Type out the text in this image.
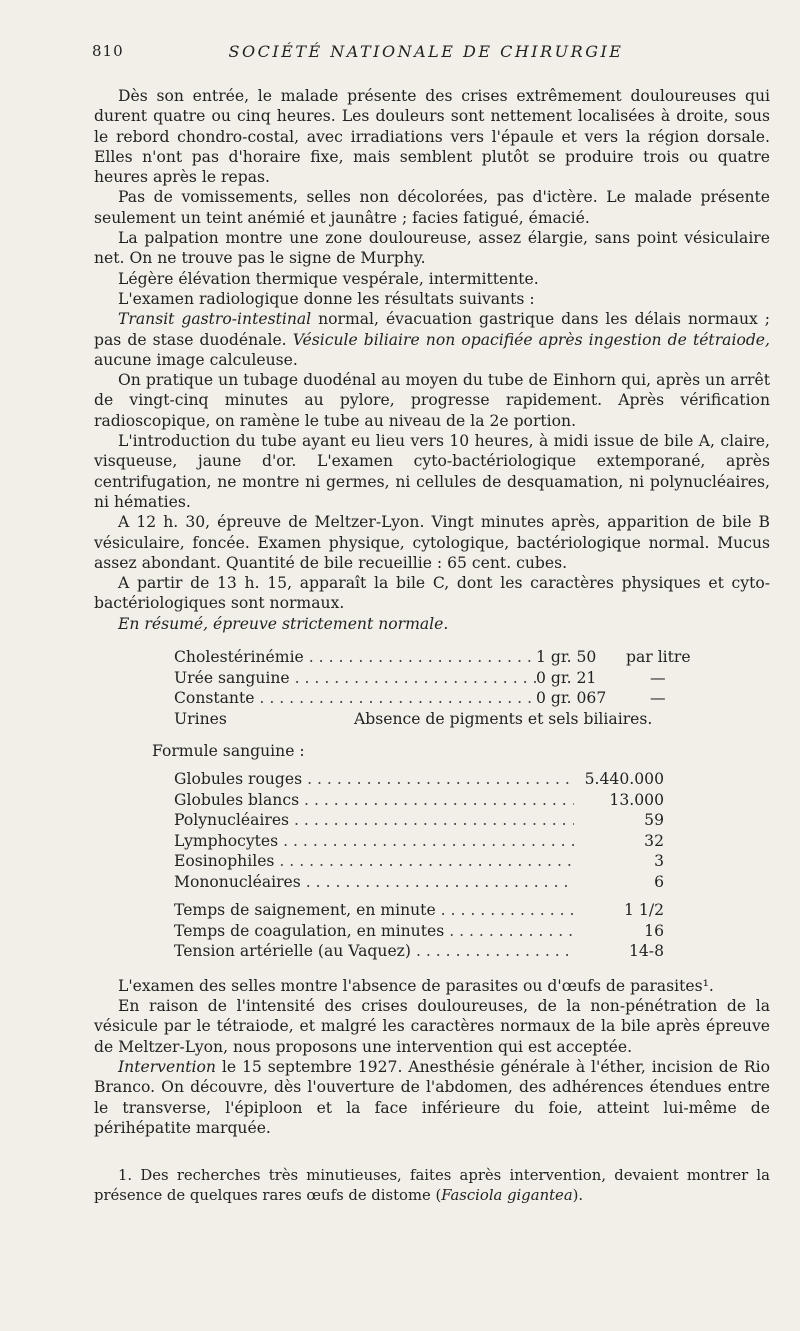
810	SOCIÉTÉ NATIONALE DE CHIRURGIE

Dès son entrée, le malade présente des crises extrêmement douloureuses qui durent quatre ou cinq heures. Les douleurs sont nettement localisées à droite, sous le rebord chondro-costal, avec irradiations vers l'épaule et vers la région dorsale. Elles n'ont pas d'horaire fixe, mais semblent plutôt se produire trois ou quatre heures après le repas.

Pas de vomissements, selles non décolorées, pas d'ictère. Le malade présente seulement un teint anémié et jaunâtre ; facies fatigué, émacié.

La palpation montre une zone douloureuse, assez élargie, sans point vésiculaire net. On ne trouve pas le signe de Murphy.

Légère élévation thermique vespérale, intermittente.

L'examen radiologique donne les résultats suivants :

Transit gastro-intestinal normal, évacuation gastrique dans les délais normaux ; pas de stase duodénale. Vésicule biliaire non opacifiée après ingestion de tétraiode, aucune image calculeuse.

On pratique un tubage duodénal au moyen du tube de Einhorn qui, après un arrêt de vingt-cinq minutes au pylore, progresse rapidement. Après vérification radioscopique, on ramène le tube au niveau de la 2e portion.

L'introduction du tube ayant eu lieu vers 10 heures, à midi issue de bile A, claire, visqueuse, jaune d'or. L'examen cyto-bactériologique extemporané, après centrifugation, ne montre ni germes, ni cellules de desquamation, ni polynucléaires, ni hématies.

A 12 h. 30, épreuve de Meltzer-Lyon. Vingt minutes après, apparition de bile B vésiculaire, foncée. Examen physique, cytologique, bactériologique normal. Mucus assez abondant. Quantité de bile recueillie : 65 cent. cubes.

A partir de 13 h. 15, apparaît la bile C, dont les caractères physiques et cyto-bactériologiques sont normaux.

En résumé, épreuve strictement normale.

Cholestérinémie . . .	1 gr. 50	par litre
Urée sanguine . . .	0 gr. 21	—
Constante . . .	0 gr. 067	—
Urines	Absence de pigments et sels biliaires.
Formule sanguine :
Globules rouges . . .	5.440.000
Globules blancs . . .	13.000
Polynucléaires . . .	59
Lymphocytes . . .	32
Eosinophiles . . .	3
Mononucléaires . . .	6
Temps de saignement, en minute . . .	1 1/2
Temps de coagulation, en minutes . . .	16
Tension artérielle (au Vaquez) . . .	14-8

L'examen des selles montre l'absence de parasites ou d'œufs de parasites¹.

En raison de l'intensité des crises douloureuses, de la non-pénétration de la vésicule par le tétraiode, et malgré les caractères normaux de la bile après épreuve de Meltzer-Lyon, nous proposons une intervention qui est acceptée.

Intervention le 15 septembre 1927. Anesthésie générale à l'éther, incision de Rio Branco. On découvre, dès l'ouverture de l'abdomen, des adhérences étendues entre le transverse, l'épiploon et la face inférieure du foie, atteint lui-même de périhépatite marquée.

1. Des recherches très minutieuses, faites après intervention, devaient montrer la présence de quelques rares œufs de distome (Fasciola gigantea).
